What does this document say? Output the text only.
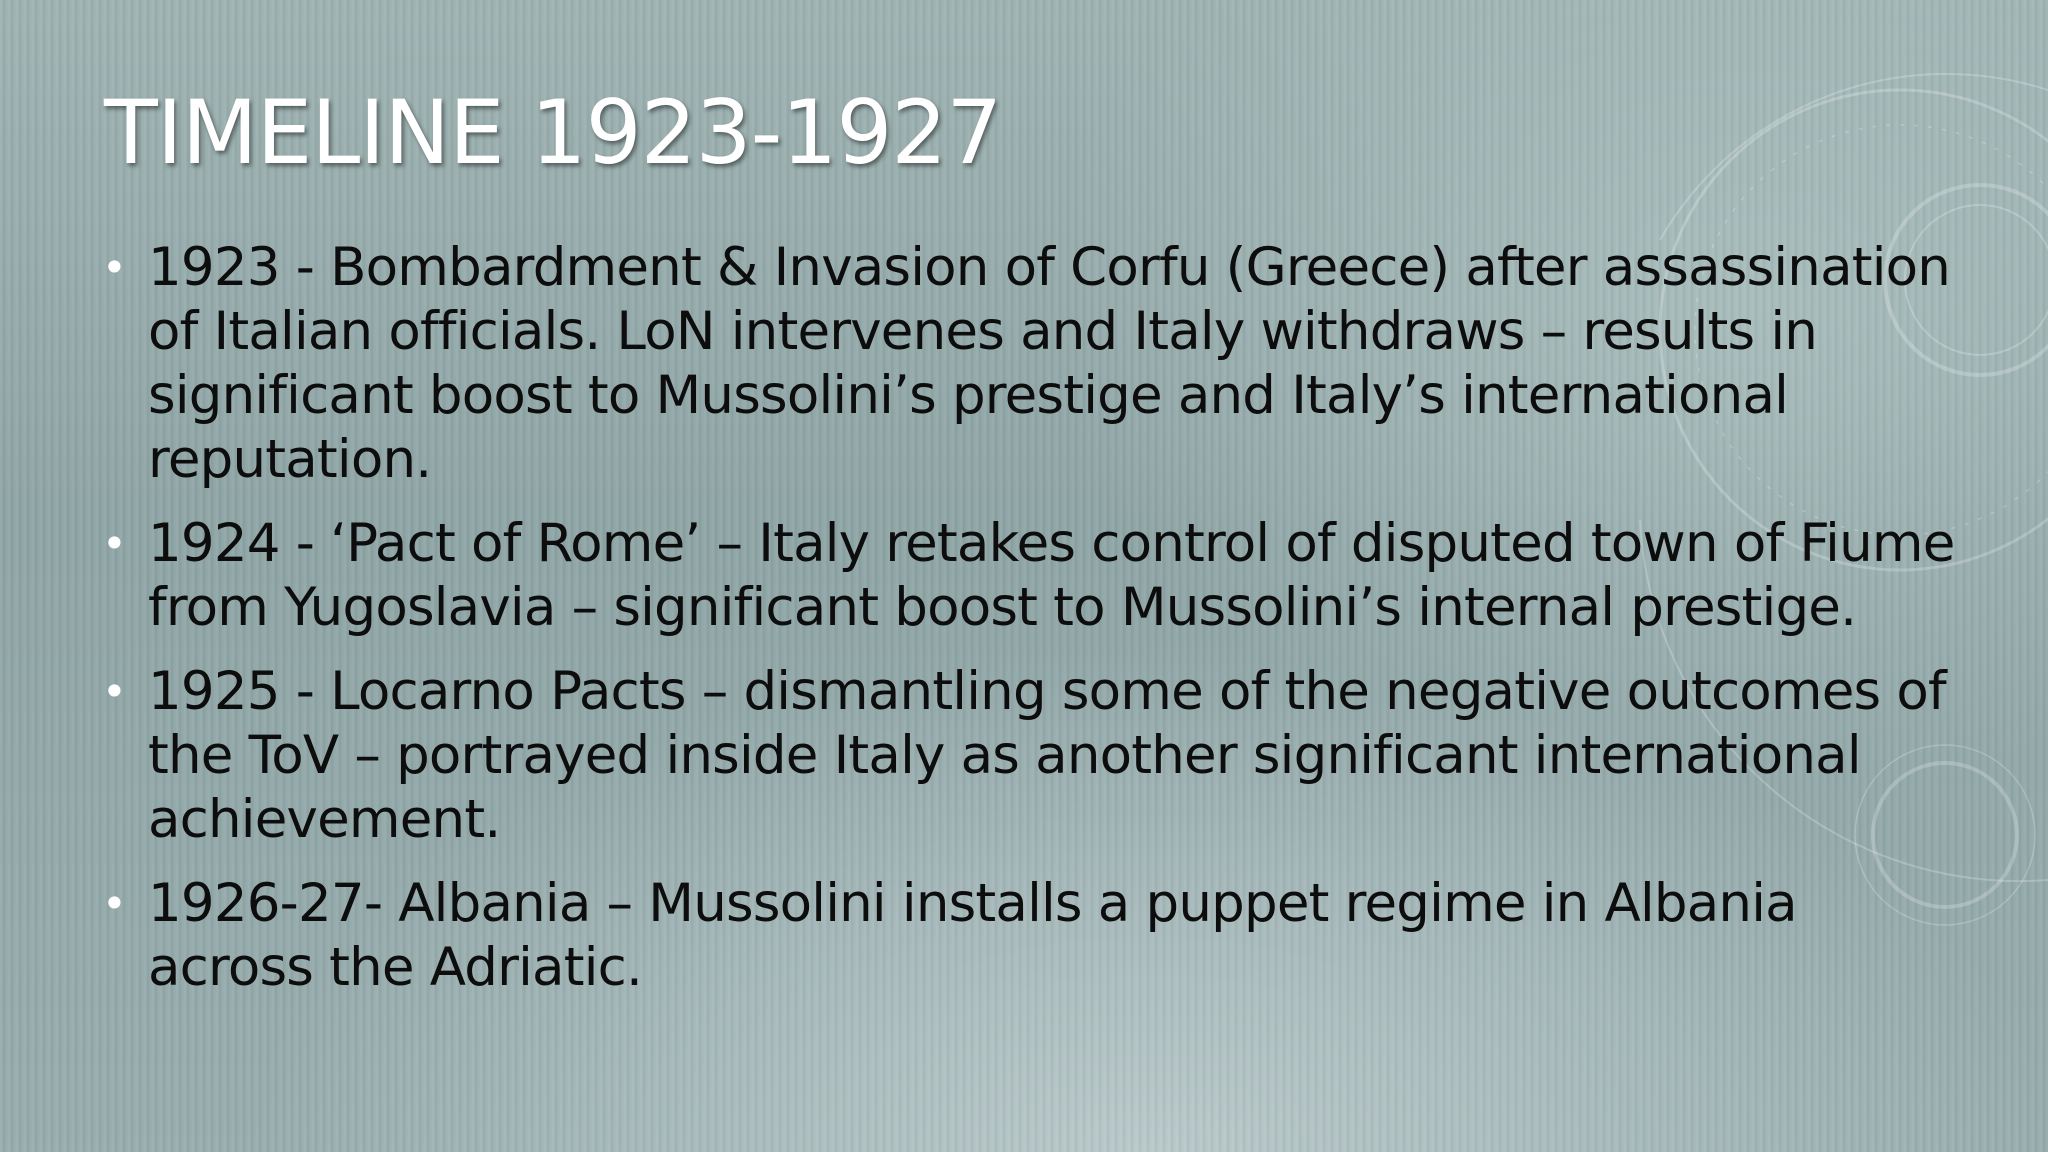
TIMELINE 1923-1927
• 1923 - Bombardment & Invasion of Corfu (Greece) after assassination of Italian officials. LoN intervenes and Italy withdraws – results in significant boost to Mussolini’s prestige and Italy’s international reputation.
• 1924 - ‘Pact of Rome’ – Italy retakes control of disputed town of Fiume from Yugoslavia – significant boost to Mussolini’s internal prestige.
• 1925 - Locarno Pacts – dismantling some of the negative outcomes of the ToV – portrayed inside Italy as another significant international achievement.
• 1926-27- Albania – Mussolini installs a puppet regime in Albania across the Adriatic.
